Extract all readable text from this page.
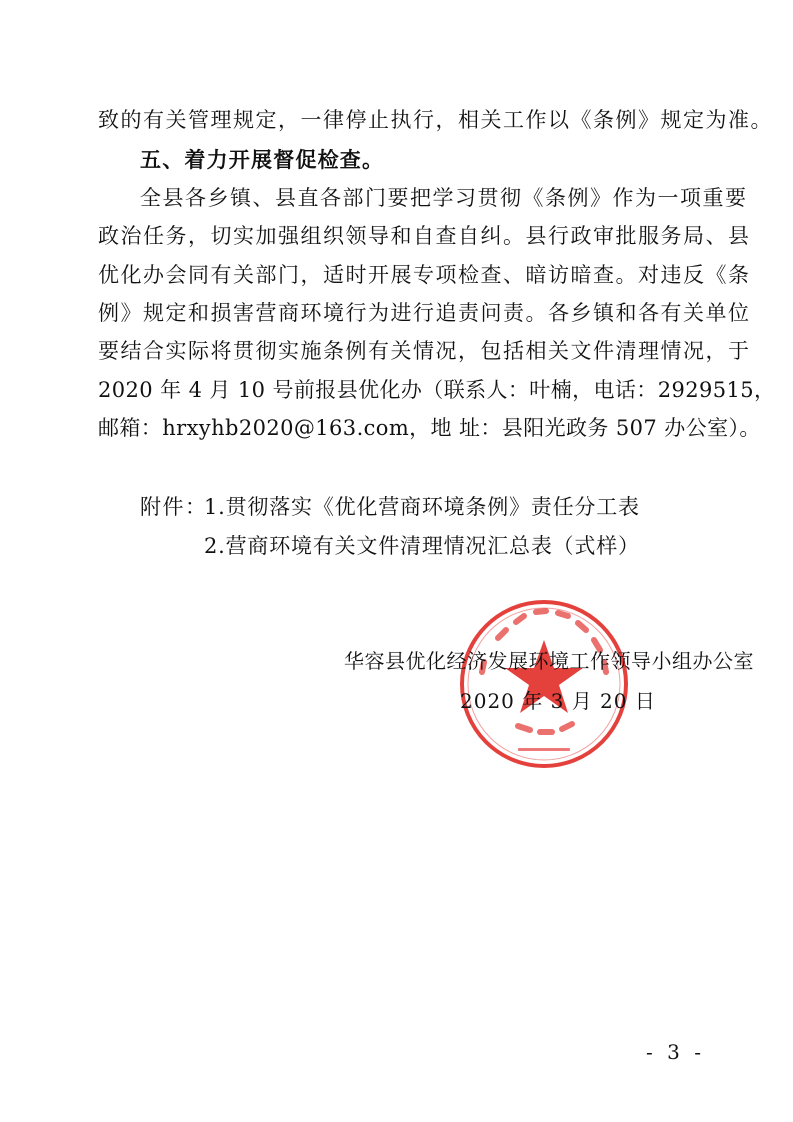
致的有关管理规定，一律停止执行，相关工作以《条例》规定为准。
五、着力开展督促检查。
全县各乡镇、县直各部门要把学习贯彻《条例》作为一项重要
政治任务，切实加强组织领导和自查自纠。县行政审批服务局、县
优化办会同有关部门，适时开展专项检查、暗访暗查。对违反《条
例》规定和损害营商环境行为进行追责问责。各乡镇和各有关单位
要结合实际将贯彻实施条例有关情况，包括相关文件清理情况，于
2020 年 4 月 10 号前报县优化办（联系人：叶楠，电话：2929515，
邮箱：hrxyhb2020@163.com，地 址：县阳光政务 507 办公室）。
附件：
1.贯彻落实《优化营商环境条例》责任分工表
2.营商环境有关文件清理情况汇总表（式样）
华容县优化经济发展环境工作领导小组办公室
2020 年 3 月 20 日
- 3 -
